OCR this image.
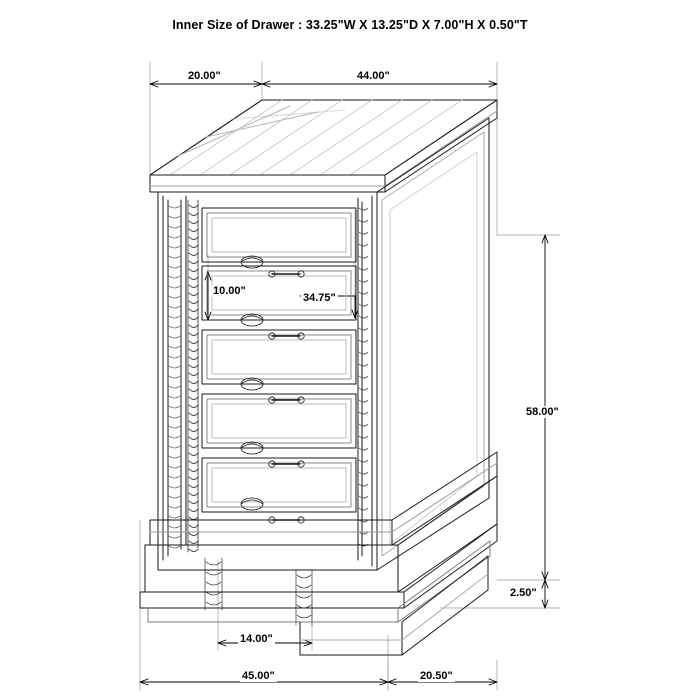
Inner Size of Drawer : 33.25"W X 13.25"D X 7.00"H X 0.50"T
20.00"	44.00"
10.00"
34.75"
58.00"
2.50"
14.00"
45.00"	20.50"
